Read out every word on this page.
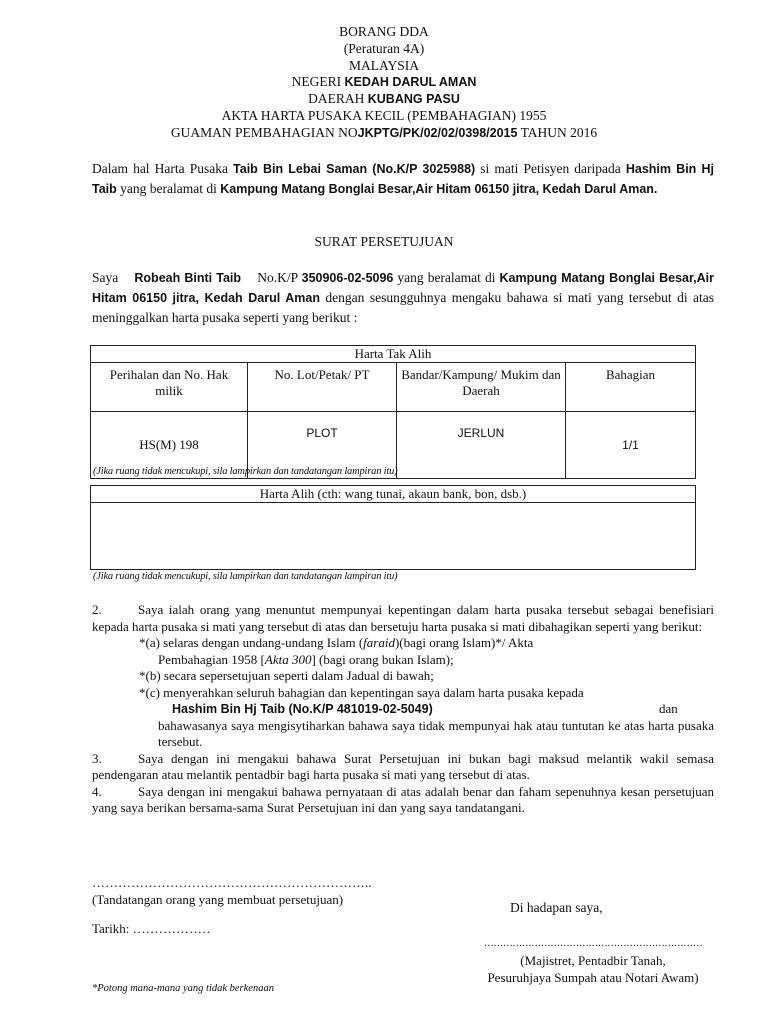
BORANG DDA
(Peraturan 4A)
MALAYSIA
NEGERI KEDAH DARUL AMAN
DAERAH KUBANG PASU
AKTA HARTA PUSAKA KECIL (PEMBAHAGIAN) 1955
GUAMAN PEMBAHAGIAN NOJKPTG/PK/02/02/0398/2015 TAHUN 2016
Dalam hal Harta Pusaka Taib Bin Lebai Saman (No.K/P 3025988) si mati Petisyen daripada Hashim Bin Hj Taib yang beralamat di Kampung Matang Bonglai Besar,Air Hitam 06150 jitra, Kedah Darul Aman.
SURAT PERSETUJUAN
Saya    Robeah Binti Taib    No.K/P 350906-02-5096 yang beralamat di Kampung Matang Bonglai Besar,Air Hitam 06150 jitra, Kedah Darul Aman dengan sesungguhnya mengaku bahawa si mati yang tersebut di atas meninggalkan harta pusaka seperti yang berikut :
Harta Tak Alih			
Perihalan dan No. Hak milik	No. Lot/Petak/ PT	Bandar/Kampung/ Mukim dan Daerah	Bahagian
HS(M) 198	PLOT	JERLUN	1/1
(Jika ruang tidak mencukupi, sila lampirkan dan tandatangan lampiran itu)
Harta Alih (cth: wang tunai, akaun bank, bon, dsb.)

(Jika ruang tidak mencukupi, sila lampirkan dan tandatangan lampiran itu)

2.	Saya ialah orang yang menuntut mempunyai kepentingan dalam harta pusaka tersebut sebagai benefisiari kepada harta pusaka si mati yang tersebut di atas dan bersetuju harta pusaka si mati dibahagikan seperti yang berikut:

*(a) selaras dengan undang-undang Islam (faraid)(bagi orang Islam)*/ Akta

Pembahagian 1958 [Akta 300] (bagi orang bukan Islam);

*(b) secara sepersetujuan seperti dalam Jadual di bawah;

*(c) menyerahkan seluruh bahagian dan kepentingan saya dalam harta pusaka kepada

Hashim Bin Hj Taib (No.K/P 481019-02-5049)	dan

bahawasanya saya mengisytiharkan bahawa saya tidak mempunyai hak atau tuntutan ke atas harta pusaka tersebut.

3.	Saya dengan ini mengakui bahawa Surat Persetujuan ini bukan bagi maksud melantik wakil semasa pendengaran atau melantik pentadbir bagi harta pusaka si mati yang tersebut di atas.

4.	Saya dengan ini mengakui bahawa pernyataan di atas adalah benar dan faham sepenuhnya kesan persetujuan yang saya berikan bersama-sama Surat Persetujuan ini dan yang saya tandatangani.

………………………………………………………..
(Tandatangan orang yang membuat persetujuan)
Tarikh: ………………
Di hadapan saya,
……………………………………………………………
(Majistret, Pentadbir Tanah,
Pesuruhjaya Sumpah atau Notari Awam)
*Potong mana-mana yang tidak berkenaan
